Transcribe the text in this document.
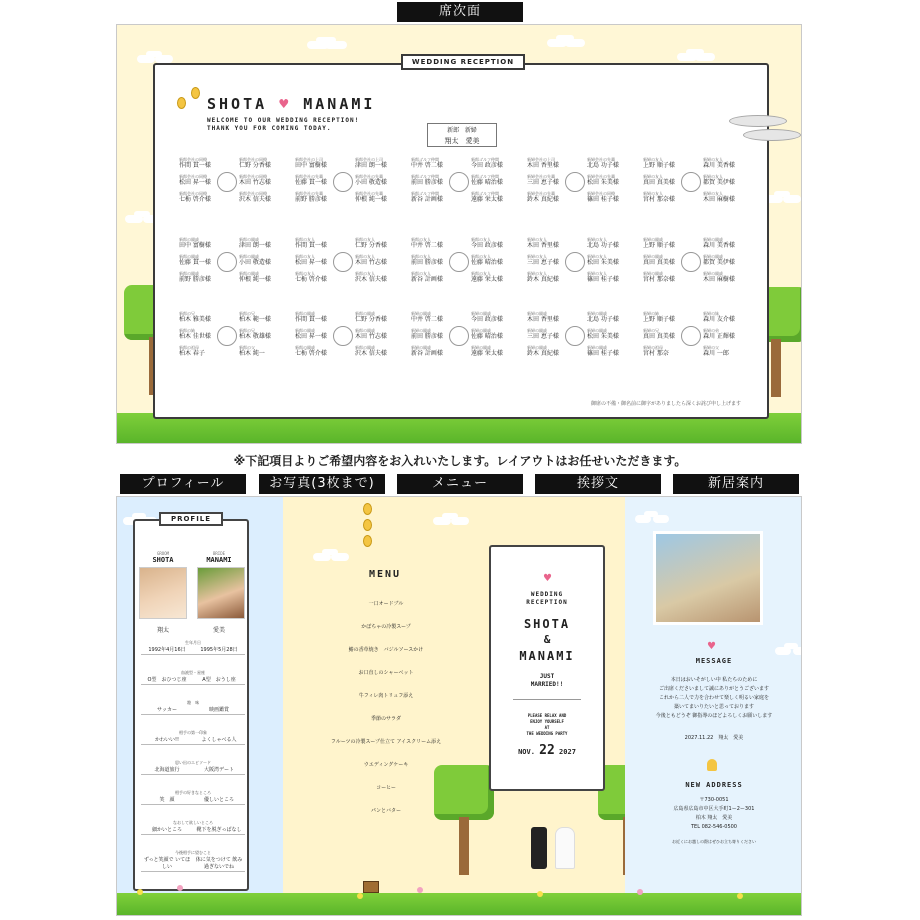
席次面
WEDDING RECEPTION
SHOTA ♥ MANAMI
WELCOME TO OUR WEDDING RECEPTION!
THANK YOU FOR COMING TODAY.	新郎 新婦
翔太　愛美
新郎会社の同僚
作間 貫一様
新郎会社の同僚
松田 昇一様
新郎会社の同僚
七栃 啓介様
新郎会社の同僚
仁野 分香様
新郎会社の同僚
木田 竹志様
新郎会社の同僚
沢木 信夫様
新郎会社の上司
田中 富樹様
新郎会社の先輩
佐藤 貫一様
新郎会社の先輩
前野 勝彦様
新郎会社の上司
津田 朗一様
新郎会社の先輩
小田 敬造様
新郎会社の先輩
仲根 純一様
新郎ゴルフ仲間
中井 啓二様
新郎ゴルフ仲間
前田 勝彦様
新郎ゴルフ仲間
新谷 計画様
新郎ゴルフ仲間
今田 政彦様
新郎ゴルフ仲間
佐藤 晴治様
新郎ゴルフ仲間
遠藤 栄太様
新婦会社の上司
木田 香里様
新婦会社の先輩
三田 恵子様
新婦会社の先輩
鈴木 真紀様
新婦会社の先輩
北島 功子様
新婦会社の先輩
松田 朱美様
新婦会社の同僚
篠田 桂子様
新婦の友人
上野 順子様
新婦の友人
真田 真美様
新婦の友人
宮村 那奈様
新婦の友人
森川 美香様
新婦の友人
都賀 美伊様
新婦の友人
木田 麻樹様
新郎の親戚
田中 富樹様
新郎の親戚
佐藤 貫一様
新郎の親戚
前野 勝彦様
新郎の親戚
津田 朗一様
新郎の親戚
小田 敬造様
新郎の親戚
仲根 純一様
新郎の友人
作間 貫一様
新郎の友人
松田 昇一様
新郎の友人
七栃 啓介様
新郎の友人
仁野 分香様
新郎の友人
木田 竹志様
新郎の友人
沢木 信夫様
新郎の友人
中井 啓二様
新郎の友人
前田 勝彦様
新郎の友人
新谷 計画様
新郎の友人
今田 政彦様
新郎の友人
佐藤 晴治様
新郎の友人
遠藤 栄太様
新婦の友人
木田 香里様
新婦の友人
三田 恵子様
新婦の友人
鈴木 真紀様
新婦の友人
北島 功子様
新婦の友人
松田 朱美様
新婦の友人
篠田 桂子様
新婦の親戚
上野 順子様
新婦の親戚
真田 真美様
新婦の親戚
宮村 那奈様
新婦の親戚
森川 美香様
新婦の親戚
都賀 美伊様
新婦の親戚
木田 麻樹様
新郎の兄
柏木 雅美様
新郎の姉
柏木 佳世様
新郎の祖母
柏木 春子
新郎の兄
柏木 範一様
新郎の兄
柏木 敬雄様
新郎の父
柏木 純一
新郎の親戚
作間 貫一様
新郎の親戚
松田 昇一様
新郎の親戚
七栃 啓介様
新郎の親戚
仁野 分香様
新郎の親戚
木田 竹志様
新郎の親戚
沢木 信夫様
新婦の親戚
中井 啓二様
新婦の親戚
前田 勝彦様
新婦の親戚
新谷 計画様
新婦の親戚
今田 政彦様
新婦の親戚
佐藤 晴治様
新婦の親戚
遠藤 栄太様
新婦の親戚
木田 香里様
新婦の親戚
三田 恵子様
新婦の親戚
鈴木 真紀様
新婦の親戚
北島 功子様
新婦の親戚
松田 朱美様
新婦の親戚
篠田 桂子様
新婦の姉
上野 順子様
新婦の兄
真田 真美様
新婦の祖母
宮村 那奈
新婦の妹
森川 友介様
新婦の弟
森川 正輝様
新婦の父
森川 一郎
御席の不備・御名前に御字がありましたら深くお詫び申し上げます
※下記項目よりご希望内容をお入れいたします。レイアウトはお任せいただきます。
プロフィール	お写真(3枚まで)	メニュー	挨拶文	新居案内
PROFILE
GROOM
SHOTA
BRIDE
MANAMI
翔太	愛美
生年月日
1992年4月16日	1995年5月28日
血液型・星座
O型　おひつじ座	A型　おうし座
趣　味
サッカー	映画鑑賞
相手の第一印象
かわいい!!	よくしゃべる人
思い出のエピソード
北海道旅行	大阪湾デート
相手の好きなところ
笑　顔	優しいところ
なおして欲しいところ
細かいところ	靴下を脱ぎっぱなし
今後相手に望むこと
ずっと笑顔で いてほしい
体に気をつけて 飲み過ぎないでね
MENU
一口オードブル
かぼちゃの冷製スープ
鰆の香草焼き　バジルソースかけ
お口直しのシャーベット
牛フィレ肉トリュフ添え
季節のサラダ
フルーツの冷製スープ仕立て アイスクリーム添え
ウエディングケーキ
コーヒー
パンとバター
♥
WEDDING
RECEPTION
SHOTA
&
MANAMI
JUST
MARRIED!!
PLEASE RELAX AND
ENJOY YOURSELF
AT
THE WEDDING PARTY
NOV. 22 2027
♥
MESSAGE
本日はおいそがしい中 私たちのために
ご出席くださいまして誠にありがとうございます
これから二人で力を合わせて楽しく明るい家庭を
築いてまいりたいと思っております
今後ともどうぞ 御指導のほどよろしくお願いします
2027.11.22　翔太　愛美
NEW ADDRESS
〒730-0051
広島県広島市中区大手町1ー2ー301
柏木 翔太　愛美
TEL 082-546-0500
お近くにお越しの際はぜひお立ち寄りください
